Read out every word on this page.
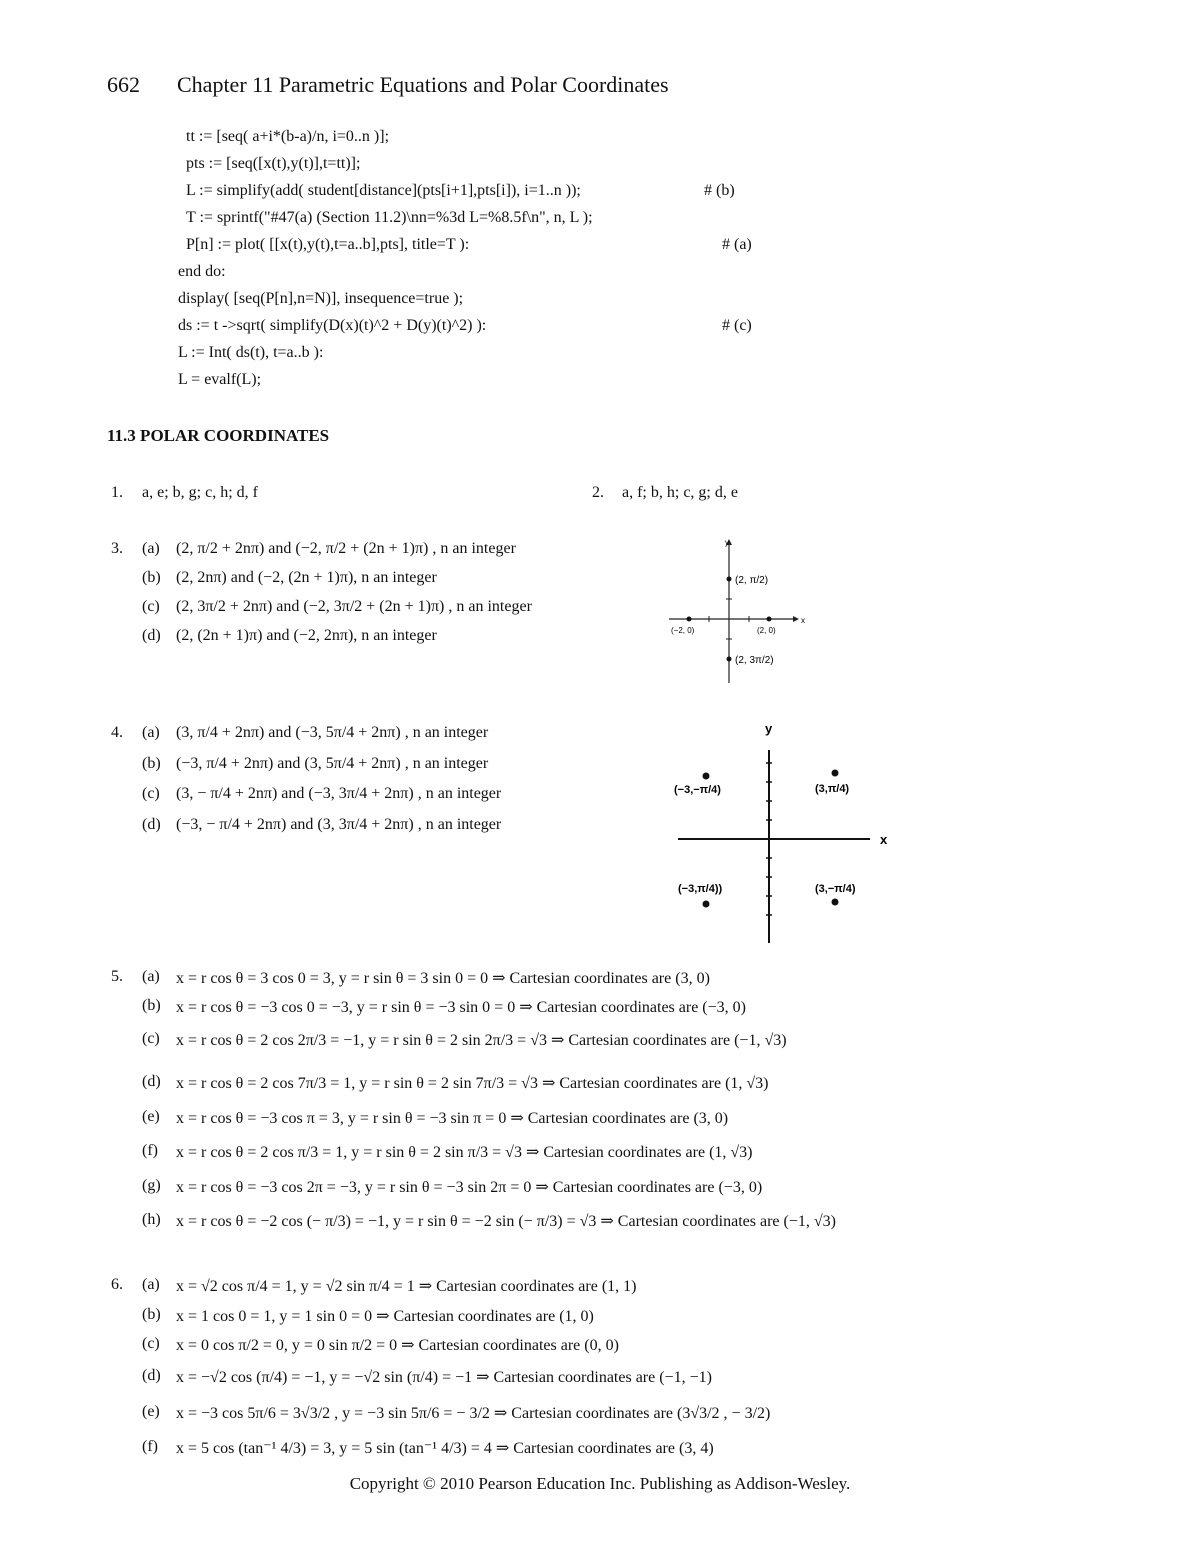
662 Chapter 11 Parametric Equations and Polar Coordinates
tt := [seq( a+i*(b-a)/n, i=0..n )];
pts := [seq([x(t),y(t)],t=tt)];
L := simplify(add( student[distance](pts[i+1],pts[i]), i=1..n ));	# (b)
T := sprintf("#47(a) (Section 11.2)\nn=%3d L=%8.5f\n", n, L );
P[n] := plot( [[x(t),y(t),t=a..b],pts], title=T ):	# (a)
end do:
display( [seq(P[n],n=N)], insequence=true );
ds := t ->sqrt( simplify(D(x)(t)^2 + D(y)(t)^2) ):	# (c)
L := Int( ds(t), t=a..b ):
L = evalf(L);
11.3 POLAR COORDINATES
1. a, e; b, g; c, h; d, f	2. a, f; b, h; c, g; d, e
3. (a) (2, π/2 + 2nπ) and (−2, π/2 + (2n + 1)π) , n an integer
(b) (2, 2nπ) and (−2, (2n + 1)π), n an integer
(c) (2, 3π/2 + 2nπ) and (−2, 3π/2 + (2n + 1)π) , n an integer
(d) (2, (2n + 1)π) and (−2, 2nπ), n an integer
y
x
(2, π/2)
(2, 3π/2)
(−2, 0)	(2, 0)
4. (a) (3, π/4 + 2nπ) and (−3, 5π/4 + 2nπ) , n an integer
(b) (−3, π/4 + 2nπ) and (3, 5π/4 + 2nπ) , n an integer
(c) (3, − π/4 + 2nπ) and (−3, 3π/4 + 2nπ) , n an integer
(d) (−3, − π/4 + 2nπ) and (3, 3π/4 + 2nπ) , n an integer
y
x
(3,π/4)
(−3,−π/4)
(−3,π/4))	(3,−π/4)
5. (a) x = r cos θ = 3 cos 0 = 3, y = r sin θ = 3 sin 0 = 0 ⇒ Cartesian coordinates are (3, 0)
(b) x = r cos θ = −3 cos 0 = −3, y = r sin θ = −3 sin 0 = 0 ⇒ Cartesian coordinates are (−3, 0)
(c) x = r cos θ = 2 cos 2π/3 = −1, y = r sin θ = 2 sin 2π/3 = √3 ⇒ Cartesian coordinates are (−1, √3)
(d) x = r cos θ = 2 cos 7π/3 = 1, y = r sin θ = 2 sin 7π/3 = √3 ⇒ Cartesian coordinates are (1, √3)
(e) x = r cos θ = −3 cos π = 3, y = r sin θ = −3 sin π = 0 ⇒ Cartesian coordinates are (3, 0)
(f) x = r cos θ = 2 cos π/3 = 1, y = r sin θ = 2 sin π/3 = √3 ⇒ Cartesian coordinates are (1, √3)
(g) x = r cos θ = −3 cos 2π = −3, y = r sin θ = −3 sin 2π = 0 ⇒ Cartesian coordinates are (−3, 0)
(h) x = r cos θ = −2 cos (− π/3) = −1, y = r sin θ = −2 sin (− π/3) = √3 ⇒ Cartesian coordinates are (−1, √3)
6. (a) x = √2 cos π/4 = 1, y = √2 sin π/4 = 1 ⇒ Cartesian coordinates are (1, 1)
(b) x = 1 cos 0 = 1, y = 1 sin 0 = 0 ⇒ Cartesian coordinates are (1, 0)
(c) x = 0 cos π/2 = 0, y = 0 sin π/2 = 0 ⇒ Cartesian coordinates are (0, 0)
(d) x = −√2 cos (π/4) = −1, y = −√2 sin (π/4) = −1 ⇒ Cartesian coordinates are (−1, −1)
(e) x = −3 cos 5π/6 = 3√3/2 , y = −3 sin 5π/6 = − 3/2 ⇒ Cartesian coordinates are (3√3/2 , − 3/2)
(f) x = 5 cos (tan⁻¹ 4/3) = 3, y = 5 sin (tan⁻¹ 4/3) = 4 ⇒ Cartesian coordinates are (3, 4)
Copyright © 2010 Pearson Education Inc. Publishing as Addison-Wesley.
